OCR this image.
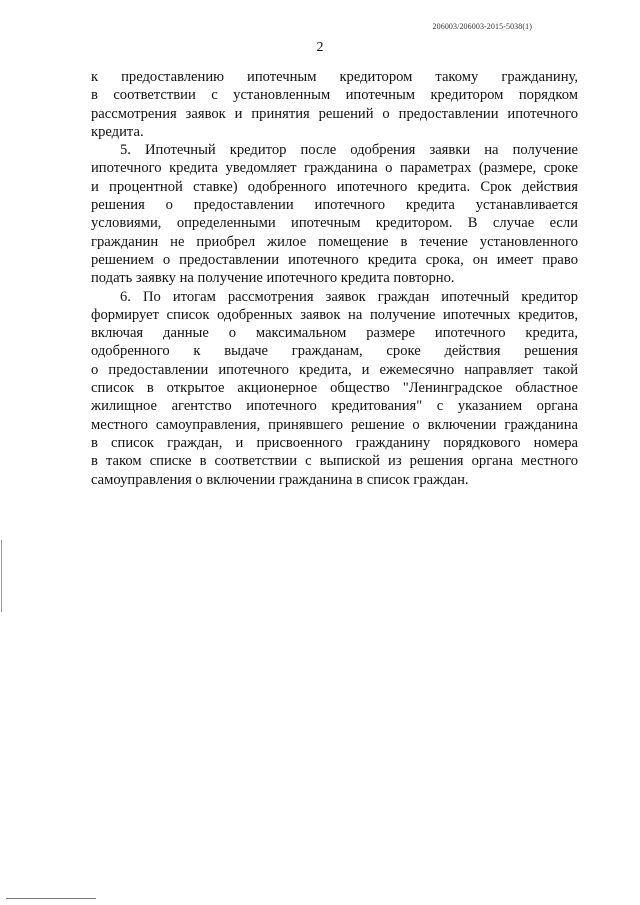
206003/206003-2015-5038(1)
2

к предоставлению ипотечным кредитором такому гражданину,
в соответствии с установленным ипотечным кредитором порядком
рассмотрения заявок и принятия решений о предоставлении ипотечного
кредита.

5. Ипотечный кредитор после одобрения заявки на получение
ипотечного кредита уведомляет гражданина о параметрах (размере, сроке
и процентной ставке) одобренного ипотечного кредита. Срок действия
решения о предоставлении ипотечного кредита устанавливается
условиями, определенными ипотечным кредитором. В случае если
гражданин не приобрел жилое помещение в течение установленного
решением о предоставлении ипотечного кредита срока, он имеет право
подать заявку на получение ипотечного кредита повторно.

6. По итогам рассмотрения заявок граждан ипотечный кредитор
формирует список одобренных заявок на получение ипотечных кредитов,
включая данные о максимальном размере ипотечного кредита,
одобренного к выдаче гражданам, сроке действия решения
о предоставлении ипотечного кредита, и ежемесячно направляет такой
список в открытое акционерное общество "Ленинградское областное
жилищное агентство ипотечного кредитования" с указанием органа
местного самоуправления, принявшего решение о включении гражданина
в список граждан, и присвоенного гражданину порядкового номера
в таком списке в соответствии с выпиской из решения органа местного
самоуправления о включении гражданина в список граждан.
